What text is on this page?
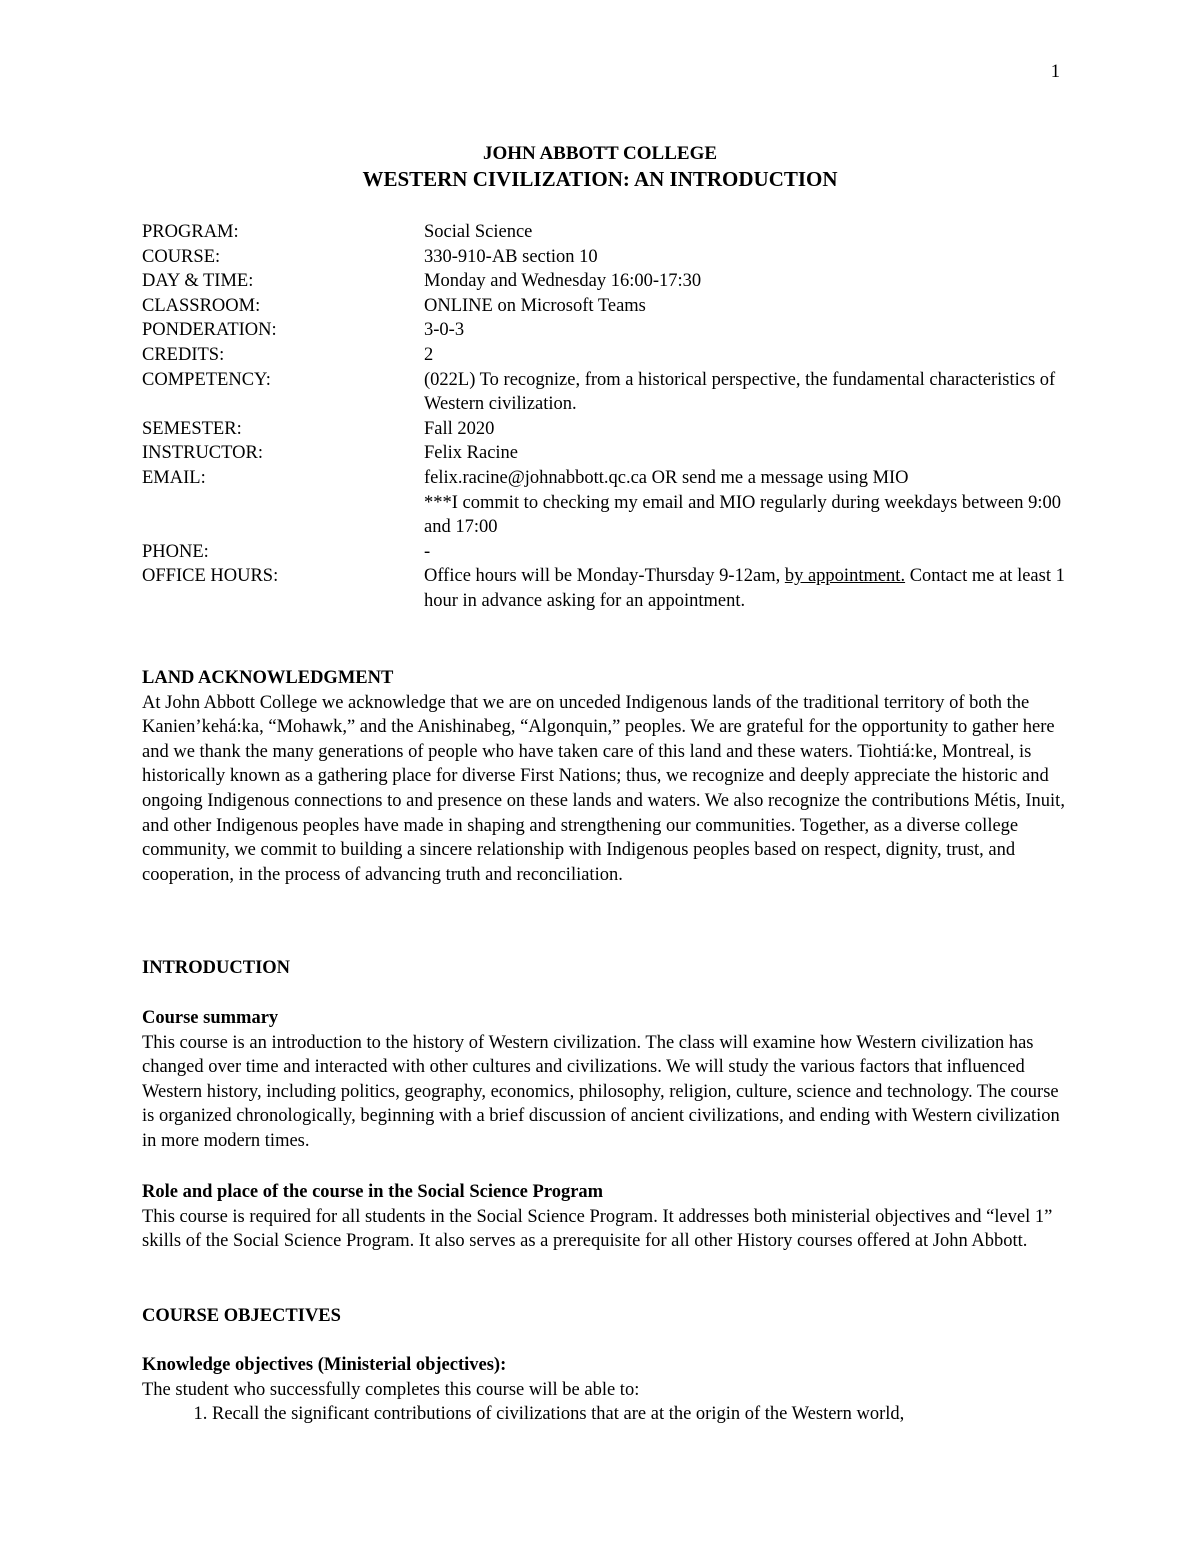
1
JOHN ABBOTT COLLEGE
WESTERN CIVILIZATION: AN INTRODUCTION
PROGRAM:	Social Science
COURSE:	330-910-AB section 10
DAY & TIME:	Monday and Wednesday 16:00-17:30
CLASSROOM:	ONLINE on Microsoft Teams
PONDERATION:	3-0-3
CREDITS:	2
COMPETENCY:	(022L) To recognize, from a historical perspective, the fundamental characteristics of Western civilization.
SEMESTER:	Fall 2020
INSTRUCTOR:	Felix Racine
EMAIL:	felix.racine@johnabbott.qc.ca OR send me a message using MIO
***I commit to checking my email and MIO regularly during weekdays between 9:00 and 17:00
PHONE:	-
OFFICE HOURS:	Office hours will be Monday-Thursday 9-12am, by appointment. Contact me at least 1 hour in advance asking for an appointment.
LAND ACKNOWLEDGMENT

At John Abbott College we acknowledge that we are on unceded Indigenous lands of the traditional territory of both the Kanien’kehá:ka, “Mohawk,” and the Anishinabeg, “Algonquin,” peoples. We are grateful for the opportunity to gather here and we thank the many generations of people who have taken care of this land and these waters. Tiohtiá:ke, Montreal, is historically known as a gathering place for diverse First Nations; thus, we recognize and deeply appreciate the historic and ongoing Indigenous connections to and presence on these lands and waters. We also recognize the contributions Métis, Inuit, and other Indigenous peoples have made in shaping and strengthening our communities. Together, as a diverse college community, we commit to building a sincere relationship with Indigenous peoples based on respect, dignity, trust, and cooperation, in the process of advancing truth and reconciliation.

INTRODUCTION
Course summary

This course is an introduction to the history of Western civilization. The class will examine how Western civilization has changed over time and interacted with other cultures and civilizations. We will study the various factors that influenced Western history, including politics, geography, economics, philosophy, religion, culture, science and technology. The course is organized chronologically, beginning with a brief discussion of ancient civilizations, and ending with Western civilization in more modern times.

Role and place of the course in the Social Science Program

This course is required for all students in the Social Science Program. It addresses both ministerial objectives and “level 1” skills of the Social Science Program. It also serves as a prerequisite for all other History courses offered at John Abbott.

COURSE OBJECTIVES
Knowledge objectives (Ministerial objectives):

The student who successfully completes this course will be able to:

1. Recall the significant contributions of civilizations that are at the origin of the Western world,
